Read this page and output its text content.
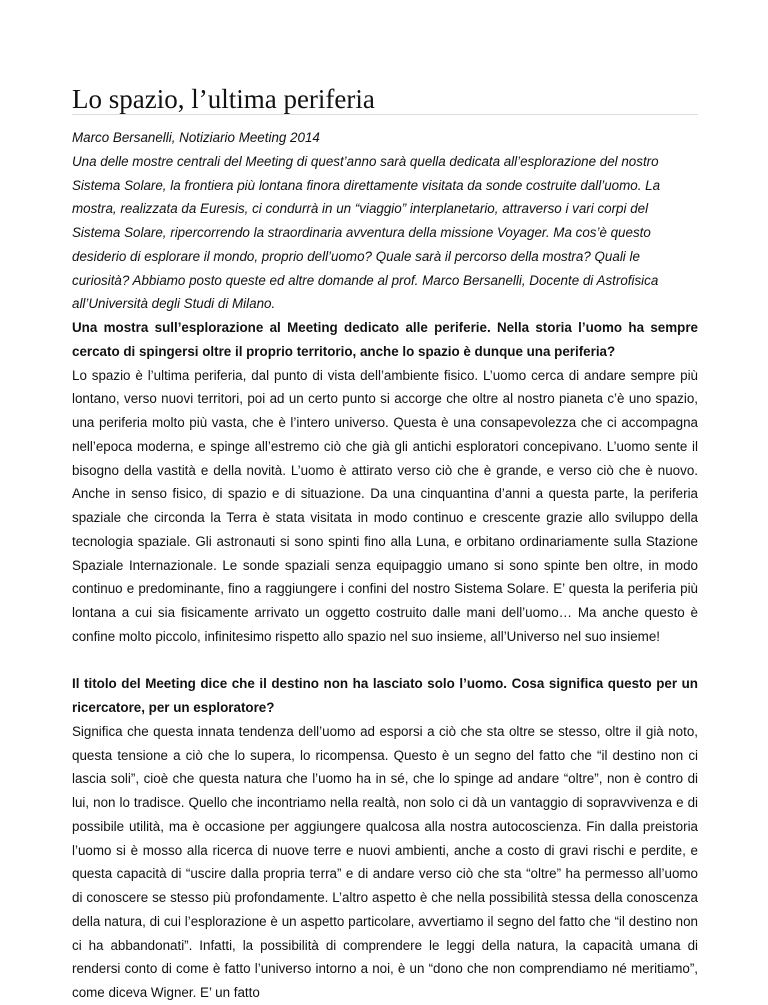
Lo spazio, l’ultima periferia

Marco Bersanelli, Notiziario Meeting 2014

Una delle mostre centrali del Meeting di quest’anno sarà quella dedicata all’esplorazione del nostro Sistema Solare, la frontiera più lontana finora direttamente visitata da sonde costruite dall’uomo. La mostra, realizzata da Euresis, ci condurrà in un “viaggio” interplanetario, attraverso i vari corpi del Sistema Solare, ripercorrendo la straordinaria avventura della missione Voyager. Ma cos’è questo desiderio di esplorare il mondo, proprio dell’uomo? Quale sarà il percorso della mostra? Quali le curiosità? Abbiamo posto queste ed altre domande al prof. Marco Bersanelli, Docente di Astrofisica all’Università degli Studi di Milano.

Una mostra sull’esplorazione al Meeting dedicato alle periferie. Nella storia l’uomo ha sempre cercato di spingersi oltre il proprio territorio, anche lo spazio è dunque una periferia?

Lo spazio è l’ultima periferia, dal punto di vista dell’ambiente fisico. L’uomo cerca di andare sempre più lontano, verso nuovi territori, poi ad un certo punto si accorge che oltre al nostro pianeta c’è uno spazio, una periferia molto più vasta, che è l’intero universo. Questa è una consapevolezza che ci accompagna nell’epoca moderna, e spinge all’estremo ciò che già gli antichi esploratori concepivano. L’uomo sente il bisogno della vastità e della novità. L’uomo è attirato verso ciò che è grande, e verso ciò che è nuovo. Anche in senso fisico, di spazio e di situazione. Da una cinquantina d’anni a questa parte, la periferia spaziale che circonda la Terra è stata visitata in modo continuo e crescente grazie allo sviluppo della tecnologia spaziale. Gli astronauti si sono spinti fino alla Luna, e orbitano ordinariamente sulla Stazione Spaziale Internazionale. Le sonde spaziali senza equipaggio umano si sono spinte ben oltre, in modo continuo e predominante, fino a raggiungere i confini del nostro Sistema Solare. E’ questa la periferia più lontana a cui sia fisicamente arrivato un oggetto costruito dalle mani dell’uomo… Ma anche questo è confine molto piccolo, infinitesimo rispetto allo spazio nel suo insieme, all’Universo nel suo insieme!

Il titolo del Meeting dice che il destino non ha lasciato solo l’uomo. Cosa significa questo per un ricercatore, per un esploratore?

Significa che questa innata tendenza dell’uomo ad esporsi a ciò che sta oltre se stesso, oltre il già noto, questa tensione a ciò che lo supera, lo ricompensa. Questo è un segno del fatto che “il destino non ci lascia soli”, cioè che questa natura che l’uomo ha in sé, che lo spinge ad andare “oltre”, non è contro di lui, non lo tradisce. Quello che incontriamo nella realtà, non solo ci dà un vantaggio di sopravvivenza e di possibile utilità, ma è occasione per aggiungere qualcosa alla nostra autocoscienza. Fin dalla preistoria l’uomo si è mosso alla ricerca di nuove terre e nuovi ambienti, anche a costo di gravi rischi e perdite, e questa capacità di “uscire dalla propria terra” e di andare verso ciò che sta “oltre” ha permesso all’uomo di conoscere se stesso più profondamente. L’altro aspetto è che nella possibilità stessa della conoscenza della natura, di cui l’esplorazione è un aspetto particolare, avvertiamo il segno del fatto che “il destino non ci ha abbandonati”. Infatti, la possibilità di comprendere le leggi della natura, la capacità umana di rendersi conto di come è fatto l’universo intorno a noi, è un “dono che non comprendiamo né meritiamo”, come diceva Wigner. E’ un fatto
